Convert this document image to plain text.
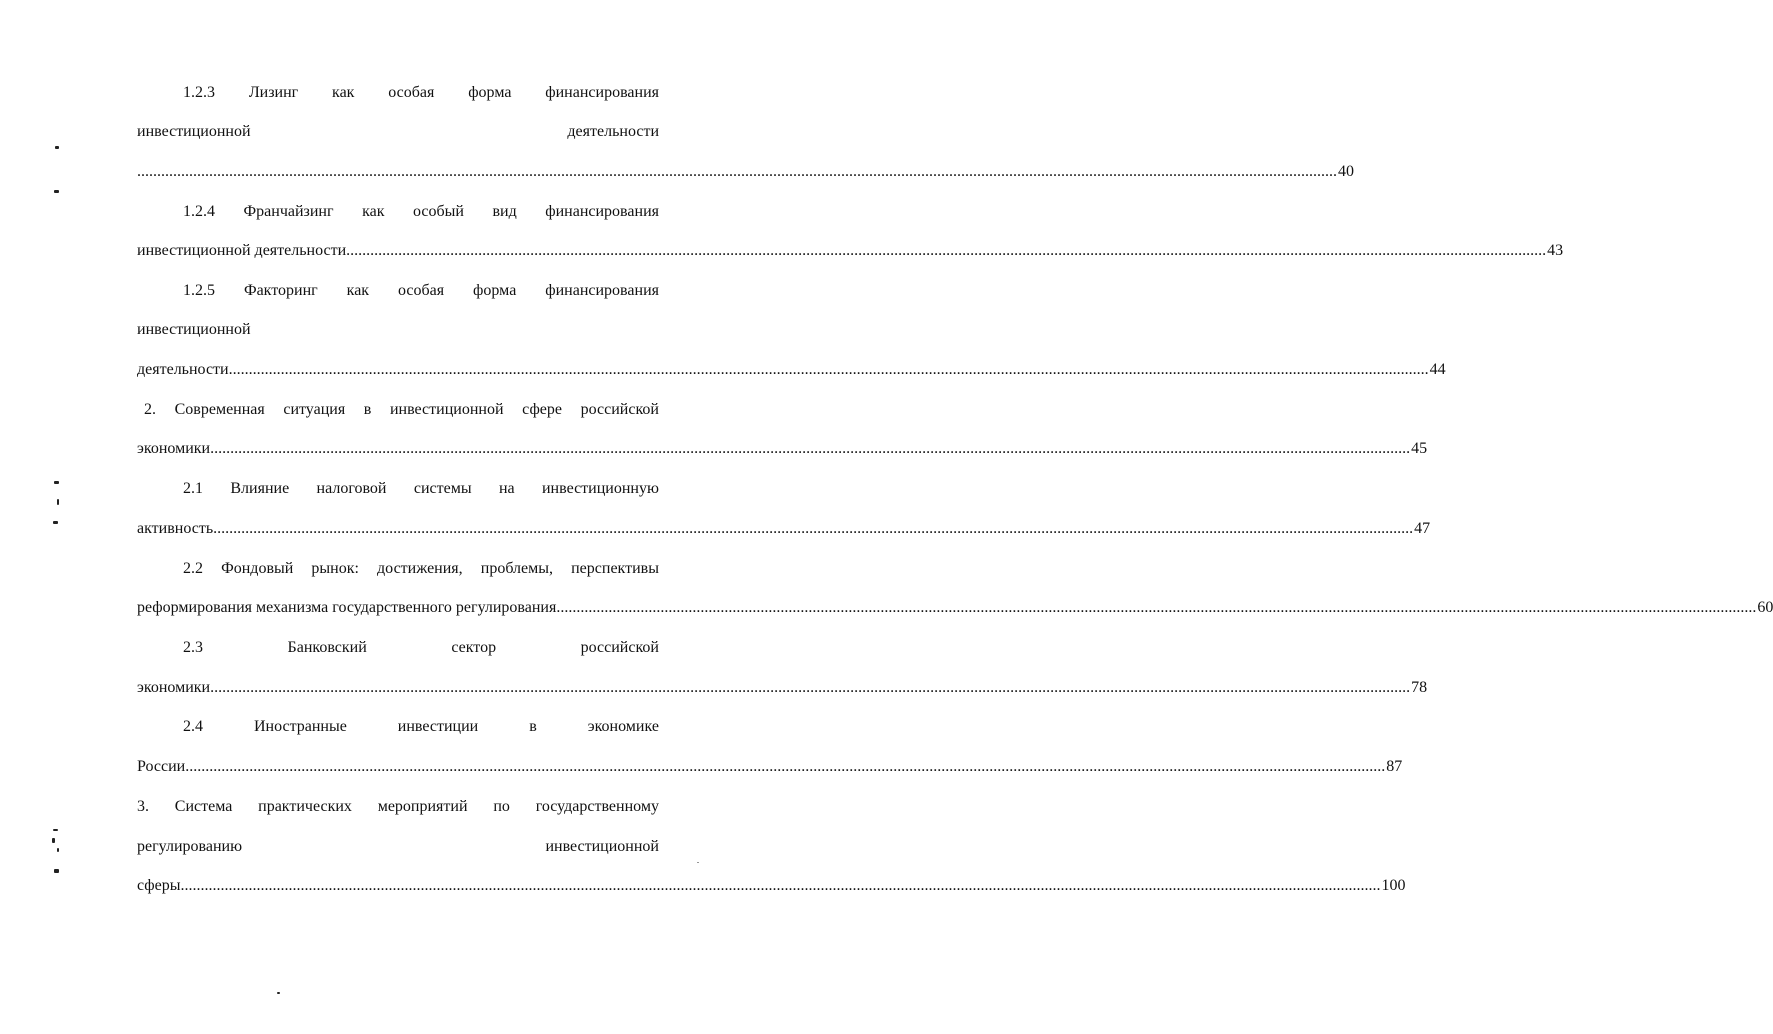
1.2.3 Лизинг как особая форма финансирования
инвестиционной	деятельности
............................................................................................................................................................................................................................................................................................................ 40
1.2.4 Франчайзинг как особый вид финансирования
инвестиционной деятельности ............................................................................................................................................................................................................................................................................................................ 43
1.2.5 Факторинг как особая форма финансирования
инвестиционной
деятельности ............................................................................................................................................................................................................................................................................................................ 44
2. Современная ситуация в инвестиционной сфере российской
экономики ............................................................................................................................................................................................................................................................................................................ 45
2.1 Влияние налоговой системы на инвестиционную
активность ............................................................................................................................................................................................................................................................................................................ 47
2.2 Фондовый рынок: достижения, проблемы, перспективы
реформирования механизма государственного регулирования ............................................................................................................................................................................................................................................................................................................ 60
2.3	Банковский	сектор	российской
экономики ............................................................................................................................................................................................................................................................................................................ 78
2.4	Иностранные	инвестиции	в	экономике
России ............................................................................................................................................................................................................................................................................................................ 87
3. Система практических мероприятий по государственному
регулированию	инвестиционной
сферы ............................................................................................................................................................................................................................................................................................................ 100
